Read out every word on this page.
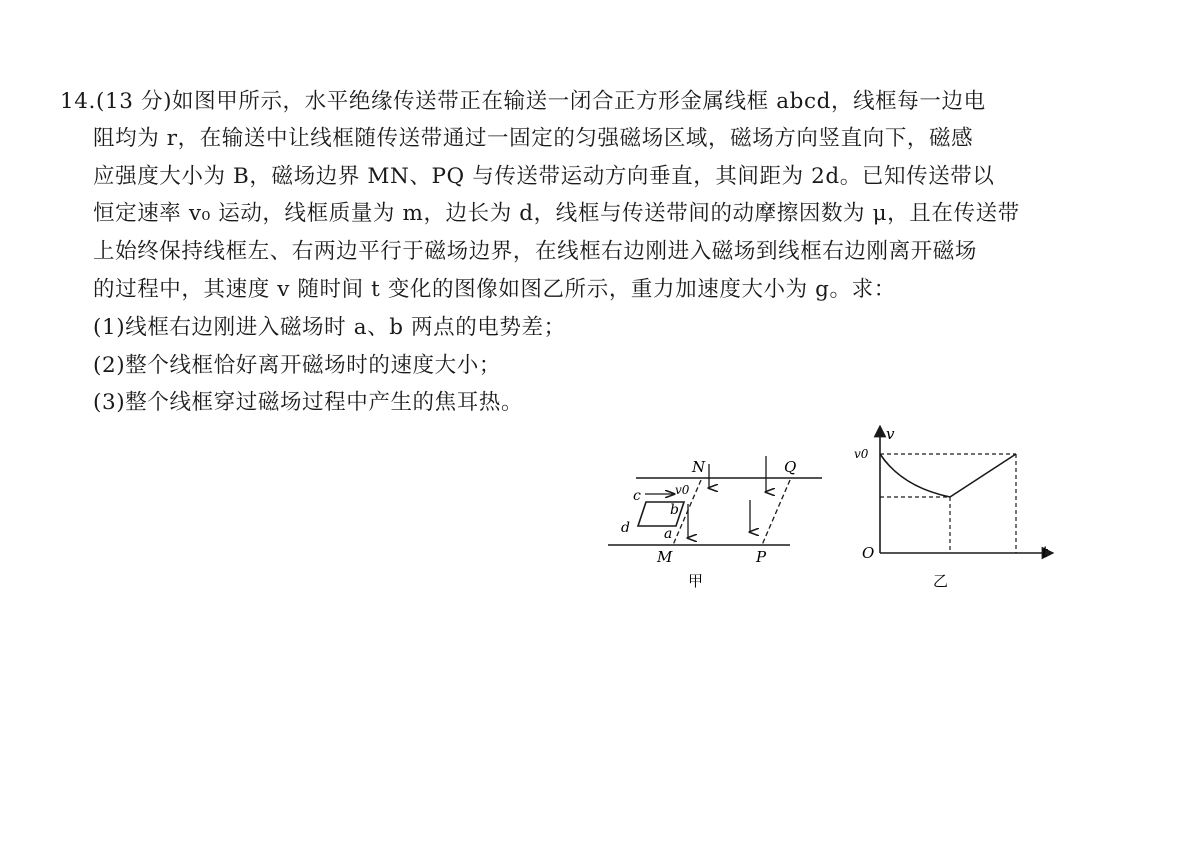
14.(13 分)如图甲所示，水平绝缘传送带正在输送一闭合正方形金属线框 abcd，线框每一边电
阻均为 r，在输送中让线框随传送带通过一固定的匀强磁场区域，磁场方向竖直向下，磁感
应强度大小为 B，磁场边界 MN、PQ 与传送带运动方向垂直，其间距为 2d。已知传送带以
恒定速率 v₀ 运动，线框质量为 m，边长为 d，线框与传送带间的动摩擦因数为 μ，且在传送带
上始终保持线框左、右两边平行于磁场边界，在线框右边刚进入磁场到线框右边刚离开磁场
的过程中，其速度 v 随时间 t 变化的图像如图乙所示，重力加速度大小为 g。求：
(1)线框右边刚进入磁场时 a、b 两点的电势差；
(2)整个线框恰好离开磁场时的速度大小；
(3)整个线框穿过磁场过程中产生的焦耳热。
N	Q
M	P
c
d
b
a
v0
甲
v
t
O
v0
乙
